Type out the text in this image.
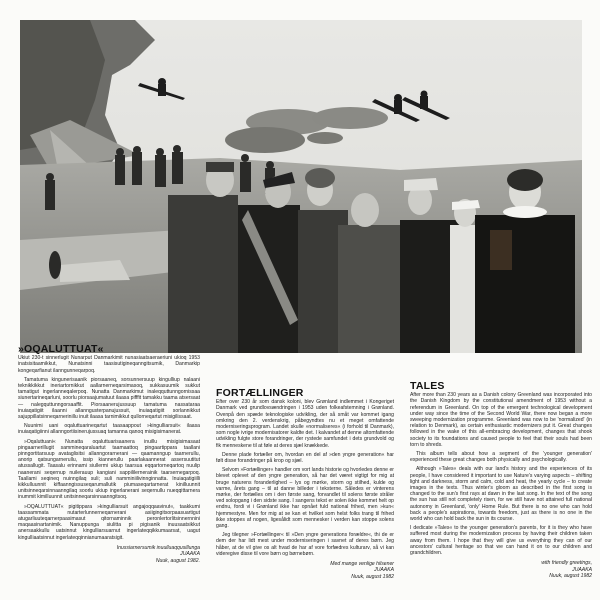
»OQALUTTUAT«

Ukiut 230-t sinnerlugit Nunarput Danmarkimit nunasiaatsaeraeriuni ukioq 1953 inatsisitaamikkut, Nunatsinni taasisutigineqanngitsumik, Danmarkip kongeqarfianut ilanngunneqarpoq.

Tamatuma kingunerisaanik piorsaaneq, sorsunnersuup kingulliup nalaani teknikkikkut ineriartornikkut aallarnerneqarsimasoq, sukkasuumik sukkut tamatigut ingerlanneqalerpoq. Nunatta Danmarkimut inaleqquttunngornissaa siunertarineqarluni, soorlu piorsaajumatuut ilaasa pifffit tamakku taama atsersaat — nalegquttunngorsaaffit. Piorsaanerujussuup tamatuma nassataraa inuiaqatigiit ilaanni allanngusterpanujussuit, inuiaqatigiit sorlannikkut sajuppillatsinneqarnerinillu inuit ilaasa tarnimikkut qullorneqartut misigilissaat.

Nuunimi uani oqaluttuarineqartut taasaappout »kingulliarsuit« ilaasa inuiaqatigiinni allanngortiisinerujussuaq tamanna qanoq misigisimanerat.

»Oqaluttuani« Nunatta oqaluttuarisaanera inuillu misigisimasaat pingaarnerillugit sammineqaraluartut taamaattoq pingaartippara taallani pinngortitarsuup avataglisitsi allanngorarnerani — qaamanngup taarnerullu, anorip qatsungarnerullu, issip kiannerullu paarlakaannerat assersuutitut atussallugit. Taasalu erinnami siullermi ukiup taarsua eqqartorneqartoq nuulip naanerani seqernup nuilerauup kangiani sappililernerainik taarsernegarpoq. Taallami seqineq nuinngilaq suli; suli namminiilivinnginnatta. Inuiaqatigiilli kikkulluunnit kiffaanngissuseqarumallutik piumaseqartarnerat kinilluunnit unitsinneqarsinnaanngilaq soorlu ukiup ingerlanerani seqernullu nueqqittarnera inummit kimilluunnit unitsinneqarsinnaanngitsoq.

»OQALUTTUAT« pigitippara »kingulliarsuit angajoqqaavinut«, taakkumi taassammata nutarterlunnerneqarnerani asiigingitsorpaasuartigut atugarliuuteqarnerpaasimasut qitornaminnik peronlertorlitsinnernnini maqaasinartanimik. Nanuppunga siulitta pi pigisanik inuusaatsikkut anersaakkullu uatsinnut kingulliarsuarnut ingerlateqqikkumaarsat, uagut kingulliaatsinnut ingerlateqqinnianumaaratsigit.

Inussiarnersumik inuulluaqqusillunga
JUAAKA
Nuuk, august 1982.
FORTÆLLINGER

Efter over 230 år som dansk koloni, blev Grønland indlemmet i Kongeriget Danmark ved grundlovsændringen i 1953 uden folkeafstemning i Grønland. Ovenpå den spæde teknologiske udvikling, der så småt var kommet igang omkring den 2. verdenskrig, påbegyndtes nu et meget omfattende moderniseringsprogram. Landet skulle »normaliseres« (i forhold til Danmark), som nogle ivrige modernisatorer kaldte det. I kalvandet af denne altomfattende udvikling fulgte store forandringer, der rystede samfundet i dets grundvold og fik menneskene til at føle at deres sjæl knækkede.

Denne plade fortæller om, hvordan en del af »den yngre generation« har følt disse forandringer på krop og sjæl.

Selvom »Fortællinger« handler om vort lands historie og hvorledes denne er blevet oplevet af den yngre generation, så har det været vigtigt for mig at bruge naturens foranderlighed – lys og mørke, storm og stilhed, kulde og varme, årets gang – til at danne billeder i teksterne. Således er vinterens mørke, der fortælles om i den første sang, forvandlet til solens første stråler ved solopgang i den sidste sang. I sangens tekst er solen ikke kommet helt op endnu, fordi vi i Grønland ikke har opnået fuld national frihed, men »kun« hjemmestyre. Men for mig at se kan et hvilket som helst folks trang til frihed ikke stoppes af nogen, ligesålidt som mennesker i verden kan stoppe solens gang.

Jeg tilegner »Fortællinger« til »Den yngre generations forældre«, thi de er dem der har lidt mest under moderniseringen i savnet af deres børn. Jeg håber, at de vil give os alt hvad de har af vore forfædres kulturarv, så vi kan videregive disse til vore børn og børnebørn.

Med mange venlige hilsener
JUAAKA
Nuuk, august 1982
TALES

After more than 230 years as a Danish colony Greenland was incorporated into the Danish Kingdom by the constitutional amendment of 1953 without a referendum in Greenland. On top of the emergent technological development under way since the time of the Second World War, there now began a more sweeping modernization programme. Greenland was now to be 'normalized' (in relation to Denmark), as certain enthusiastic modernizers put it. Great changes followed in the wake of this all-embracing development, changes that shook society to its foundations and caused people to feel that their souls had been torn to shreds.

This album tells about how a segment of the 'younger generation' experienced these great changes both physically and psychologically.

Although »Tales« deals with our land's history and the experiences of its people, I have considered it important to use Nature's varying aspects – shifting light and darkness, storm and calm, cold and heat, the yearly cycle – to create images in the texts. Thus winter's gloom as described in the first song is changed to the sun's first rays at dawn in the last song. In the text of the song the sun has still not completely risen, for we still have not attained full national autonomy in Greenland, 'only' Home Rule. But there is no one who can hold back a people's aspirations, towards freedom, just as there is no one in the world who can hold back the sun in its course.

I dedicate »Tales« to the younger generation's parents, for it is they who have suffered most during the modernization process by having their children taken away from them. I hope that they will give us everything they can of our ancestors' cultural heritage so that we can hand it on to our children and grandchildren.

with friendly greetings,
JUAAKA
Nuuk, august 1982
